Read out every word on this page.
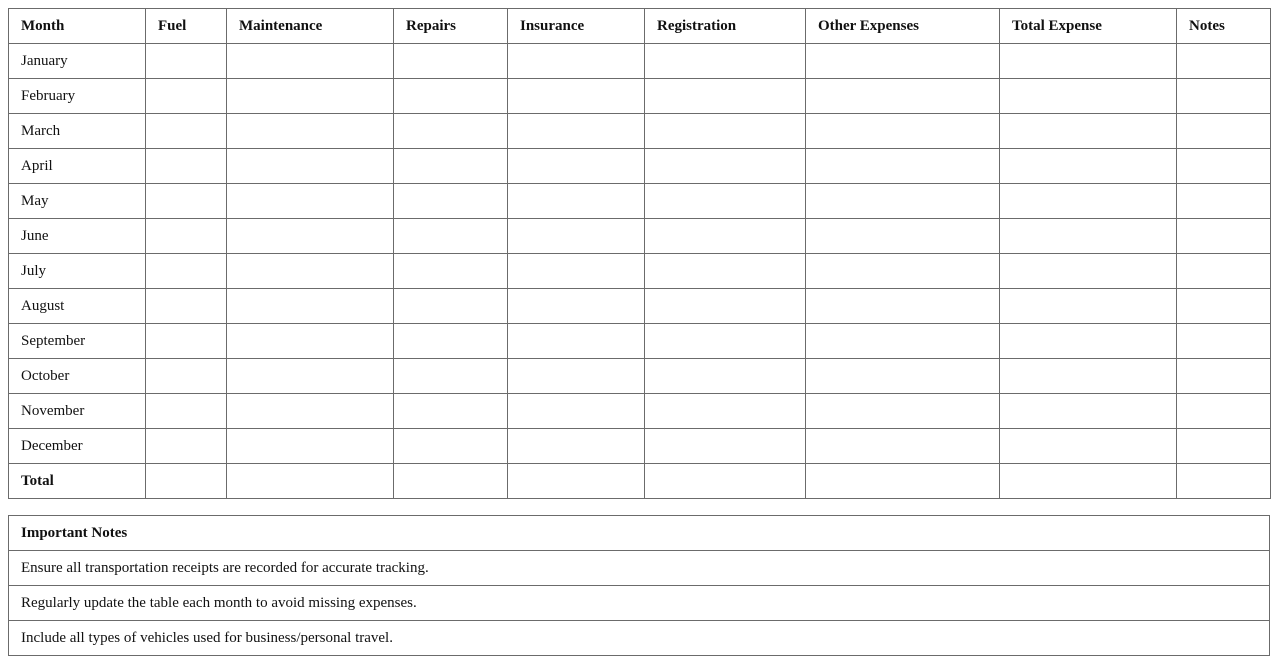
Month	Fuel	Maintenance	Repairs	Insurance	Registration	Other Expenses	Total Expense	Notes
January								
February								
March								
April								
May								
June								
July								
August								
September								
October								
November								
December								
Total								
Important Notes
Ensure all transportation receipts are recorded for accurate tracking.
Regularly update the table each month to avoid missing expenses.
Include all types of vehicles used for business/personal travel.
